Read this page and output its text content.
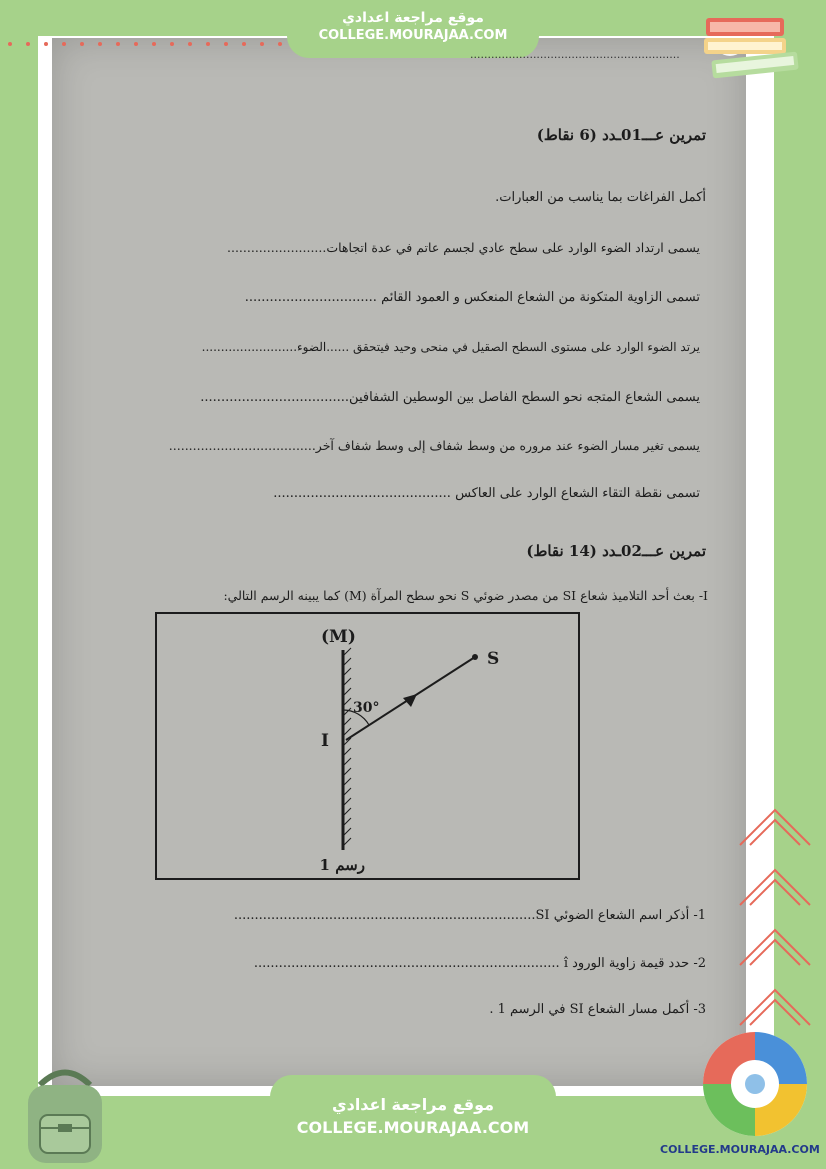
موقع مراجعة اعدادي
COLLEGE.MOURAJAA.COM
............................................................
تمرين عـــ01ـدد (6 نقاط)
أكمل الفراغات بما يناسب من العبارات.
يسمى ارتداد الضوء الوارد على سطح عادي لجسم عاتم في عدة اتجاهات.........................
تسمى الزاوية المتكونة من الشعاع المنعكس و العمود القائم ................................
يرتد الضوء الوارد على مستوى السطح الصقيل في منحى وحيد فيتحقق ......الضوء.........................
يسمى الشعاع المتجه نحو السطح الفاصل بين الوسطين الشفافين....................................
يسمى تغير مسار الضوء عند مروره من وسط شفاف إلى وسط شفاف آخر.....................................
تسمى نقطة التقاء الشعاع الوارد على العاكس ...........................................
تمرين عـــ02ـدد (14 نقاط)
I- بعث أحد التلاميذ شعاع SI من مصدر ضوئي S نحو سطح المرآة (M) كما يبينه الرسم التالي:
(M)
S
I
30°
رسم 1
1- أذكر اسم الشعاع الضوئي SI.........................................................................
2- حدد قيمة زاوية الورود î ..........................................................................
3- أكمل مسار الشعاع SI في الرسم 1 .
موقع مراجعة اعدادي
COLLEGE.MOURAJAA.COM
COLLEGE.MOURAJAA.COM
